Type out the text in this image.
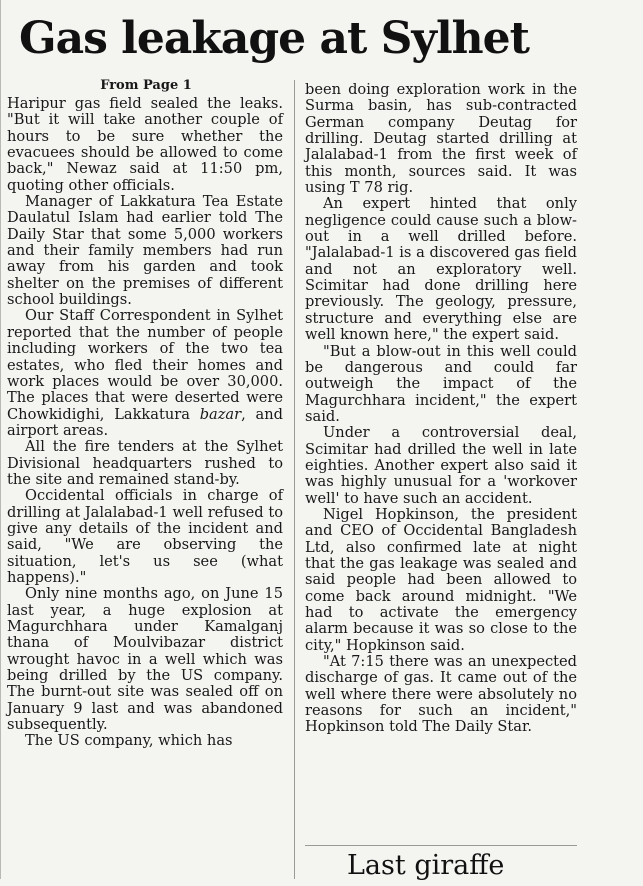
Gas leakage at Sylhet

From Page 1

Haripur gas field sealed the leaks. "But it will take another couple of hours to be sure whether the evacuees should be allowed to come back," Newaz said at 11:50 pm, quoting other officials.

Manager of Lakkatura Tea Estate Daulatul Islam had earlier told The Daily Star that some 5,000 workers and their family members had run away from his garden and took shelter on the premises of different school buildings.

Our Staff Correspondent in Sylhet reported that the number of people including workers of the two tea estates, who fled their homes and work places would be over 30,000. The places that were deserted were Chowkidighi, Lakkatura bazar, and airport areas.

All the fire tenders at the Sylhet Divisional headquarters rushed to the site and remained stand-by.

Occidental officials in charge of drilling at Jalalabad-1 well refused to give any details of the incident and said, "We are observing the situation, let's us see (what happens)."

Only nine months ago, on June 15 last year, a huge explosion at Magurchhara under Kamalganj thana of Moulvibazar district wrought havoc in a well which was being drilled by the US company. The burnt-out site was sealed off on January 9 last and was abandoned subsequently.

The US company, which has

been doing exploration work in the Surma basin, has sub-contracted German company Deutag for drilling. Deutag started drilling at Jalalabad-1 from the first week of this month, sources said. It was using T 78 rig.

An expert hinted that only negligence could cause such a blow-out in a well drilled before. "Jalalabad-1 is a discovered gas field and not an exploratory well. Scimitar had done drilling here previously. The geology, pressure, structure and everything else are well known here," the expert said.

"But a blow-out in this well could be dangerous and could far outweigh the impact of the Magurchhara incident," the expert said.

Under a controversial deal, Scimitar had drilled the well in late eighties. Another expert also said it was highly unusual for a 'workover well' to have such an accident.

Nigel Hopkinson, the president and CEO of Occidental Bangladesh Ltd, also confirmed late at night that the gas leakage was sealed and said people had been allowed to come back around midnight. "We had to activate the emergency alarm because it was so close to the city," Hopkinson said.

"At 7:15 there was an unexpected discharge of gas. It came out of the well where there were absolutely no reasons for such an incident," Hopkinson told The Daily Star.

Last giraffe
